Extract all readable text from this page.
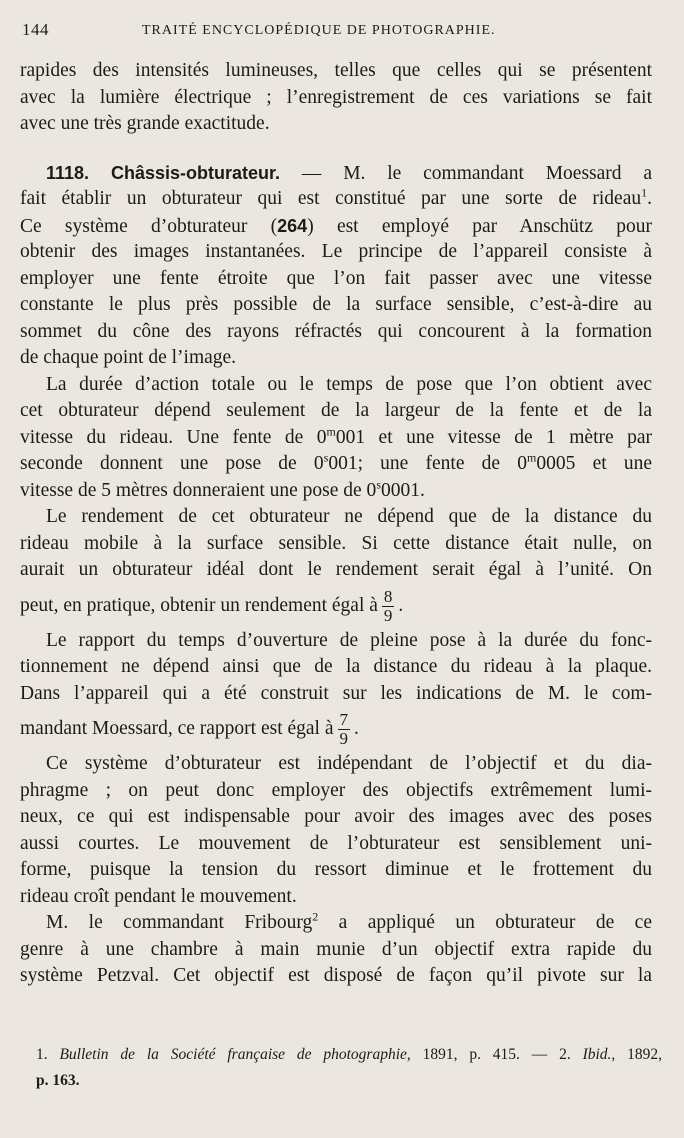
144	TRAITÉ ENCYCLOPÉDIQUE DE PHOTOGRAPHIE.
rapides des intensités lumineuses, telles que celles qui se présentent
avec la lumière électrique ; l’enregistrement de ces variations se fait
avec une très grande exactitude.
1118. Châssis-obturateur. — M. le commandant Moessard a
fait établir un obturateur qui est constitué par une sorte de rideau$^1$.
Ce système d’obturateur (264) est employé par Anschütz pour
obtenir des images instantanées. Le principe de l’appareil consiste à
employer une fente étroite que l’on fait passer avec une vitesse
constante le plus près possible de la surface sensible, c’est-à-dire au
sommet du cône des rayons réfractés qui concourent à la formation
de chaque point de l’image.
La durée d’action totale ou le temps de pose que l’on obtient avec
cet obturateur dépend seulement de la largeur de la fente et de la
vitesse du rideau. Une fente de 0$^m$001 et une vitesse de 1 mètre par
seconde donnent une pose de 0$^s$001; une fente de 0$^m$0005 et une
vitesse de 5 mètres donneraient une pose de 0$^s$0001.
Le rendement de cet obturateur ne dépend que de la distance du
rideau mobile à la surface sensible. Si cette distance était nulle, on
aurait un obturateur idéal dont le rendement serait égal à l’unité. On
peut, en pratique, obtenir un rendement égal à $\frac{8}{9}$ .
Le rapport du temps d’ouverture de pleine pose à la durée du fonc-
tionnement ne dépend ainsi que de la distance du rideau à la plaque.
Dans l’appareil qui a été construit sur les indications de M. le com-
mandant Moessard, ce rapport est égal à $\frac{7}{9}$ .
Ce système d’obturateur est indépendant de l’objectif et du dia-
phragme ; on peut donc employer des objectifs extrêmement lumi-
neux, ce qui est indispensable pour avoir des images avec des poses
aussi courtes. Le mouvement de l’obturateur est sensiblement uni-
forme, puisque la tension du ressort diminue et le frottement du
rideau croît pendant le mouvement.
M. le commandant Fribourg$^2$ a appliqué un obturateur de ce
genre à une chambre à main munie d’un objectif extra rapide du
système Petzval. Cet objectif est disposé de façon qu’il pivote sur la
1. Bulletin de la Société française de photographie, 1891, p. 415. — 2. Ibid., 1892,
p. 163.
